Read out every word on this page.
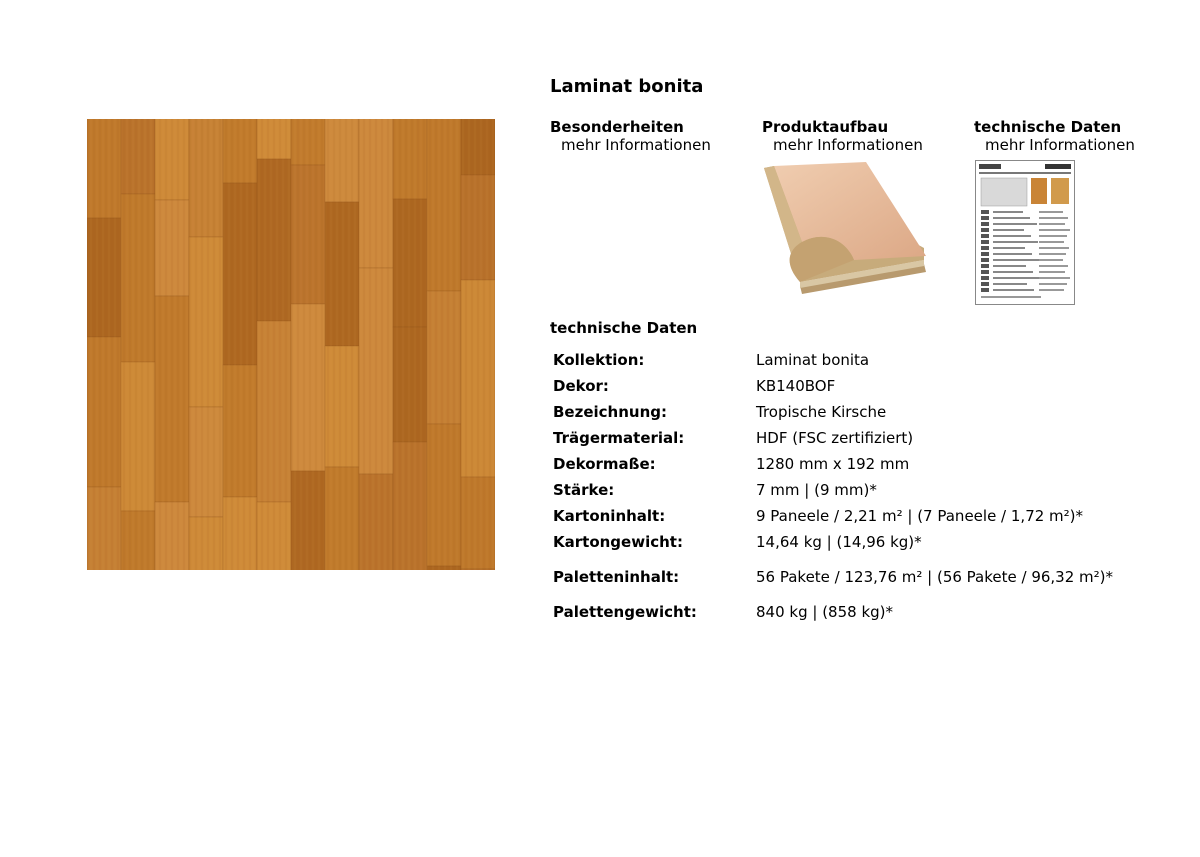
Laminat bonita
Besonderheiten
mehr Informationen
Produktaufbau
mehr Informationen
technische Daten
mehr Informationen
technische Daten
Kollektion:	Laminat bonita
Dekor:	KB140BOF
Bezeichnung:	Tropische Kirsche
Trägermaterial:	HDF (FSC zertifiziert)
Dekormaße:	1280 mm x 192 mm
Stärke:	7 mm | (9 mm)*
Kartoninhalt:	9 Paneele / 2,21 m² | (7 Paneele / 1,72 m²)*
Kartongewicht:	14,64 kg | (14,96 kg)*
Paletteninhalt:	56 Pakete / 123,76 m² | (56 Pakete / 96,32 m²)*
Palettengewicht:	840 kg | (858 kg)*
